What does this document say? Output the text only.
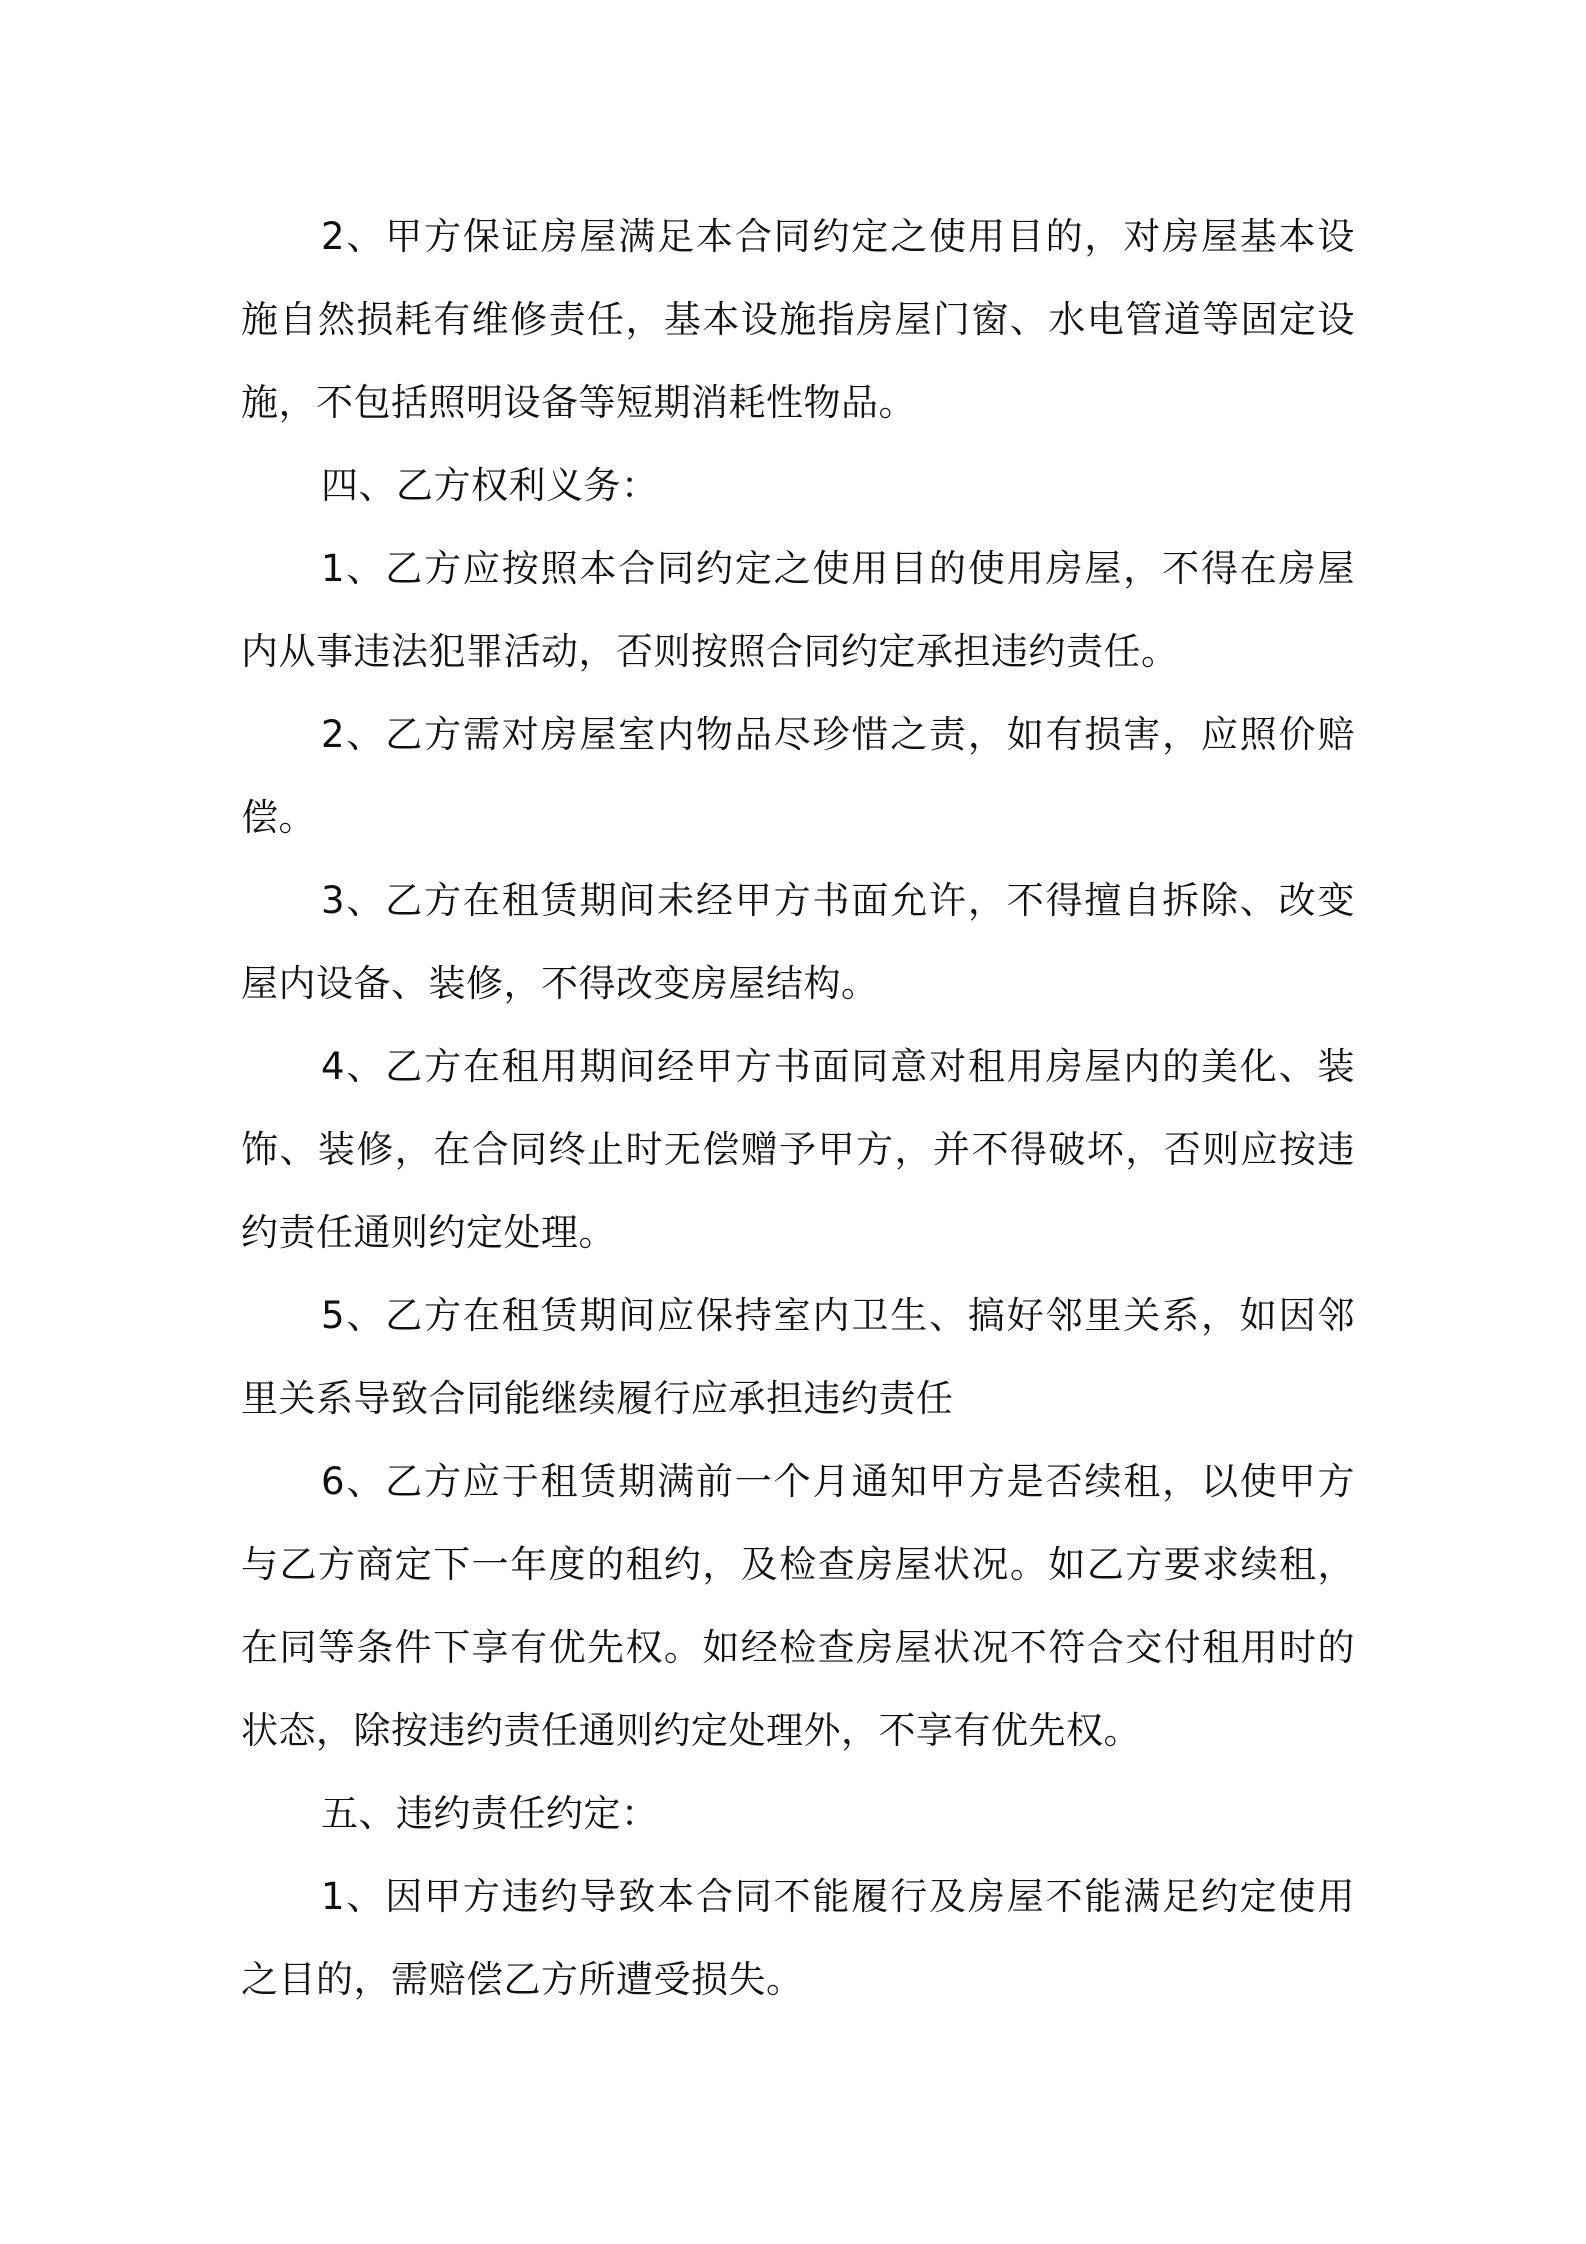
2、甲方保证房屋满足本合同约定之使用目的，对房屋基本设施自然损耗有维修责任，基本设施指房屋门窗、水电管道等固定设施，不包括照明设备等短期消耗性物品。

四、乙方权利义务：

1、乙方应按照本合同约定之使用目的使用房屋，不得在房屋内从事违法犯罪活动，否则按照合同约定承担违约责任。

2、乙方需对房屋室内物品尽珍惜之责，如有损害，应照价赔偿。

3、乙方在租赁期间未经甲方书面允许，不得擅自拆除、改变屋内设备、装修，不得改变房屋结构。

4、乙方在租用期间经甲方书面同意对租用房屋内的美化、装饰、装修，在合同终止时无偿赠予甲方，并不得破坏，否则应按违约责任通则约定处理。

5、乙方在租赁期间应保持室内卫生、搞好邻里关系，如因邻里关系导致合同能继续履行应承担违约责任

6、乙方应于租赁期满前一个月通知甲方是否续租，以使甲方与乙方商定下一年度的租约，及检查房屋状况。如乙方要求续租，在同等条件下享有优先权。如经检查房屋状况不符合交付租用时的状态，除按违约责任通则约定处理外，不享有优先权。

五、违约责任约定：

1、因甲方违约导致本合同不能履行及房屋不能满足约定使用之目的，需赔偿乙方所遭受损失。
